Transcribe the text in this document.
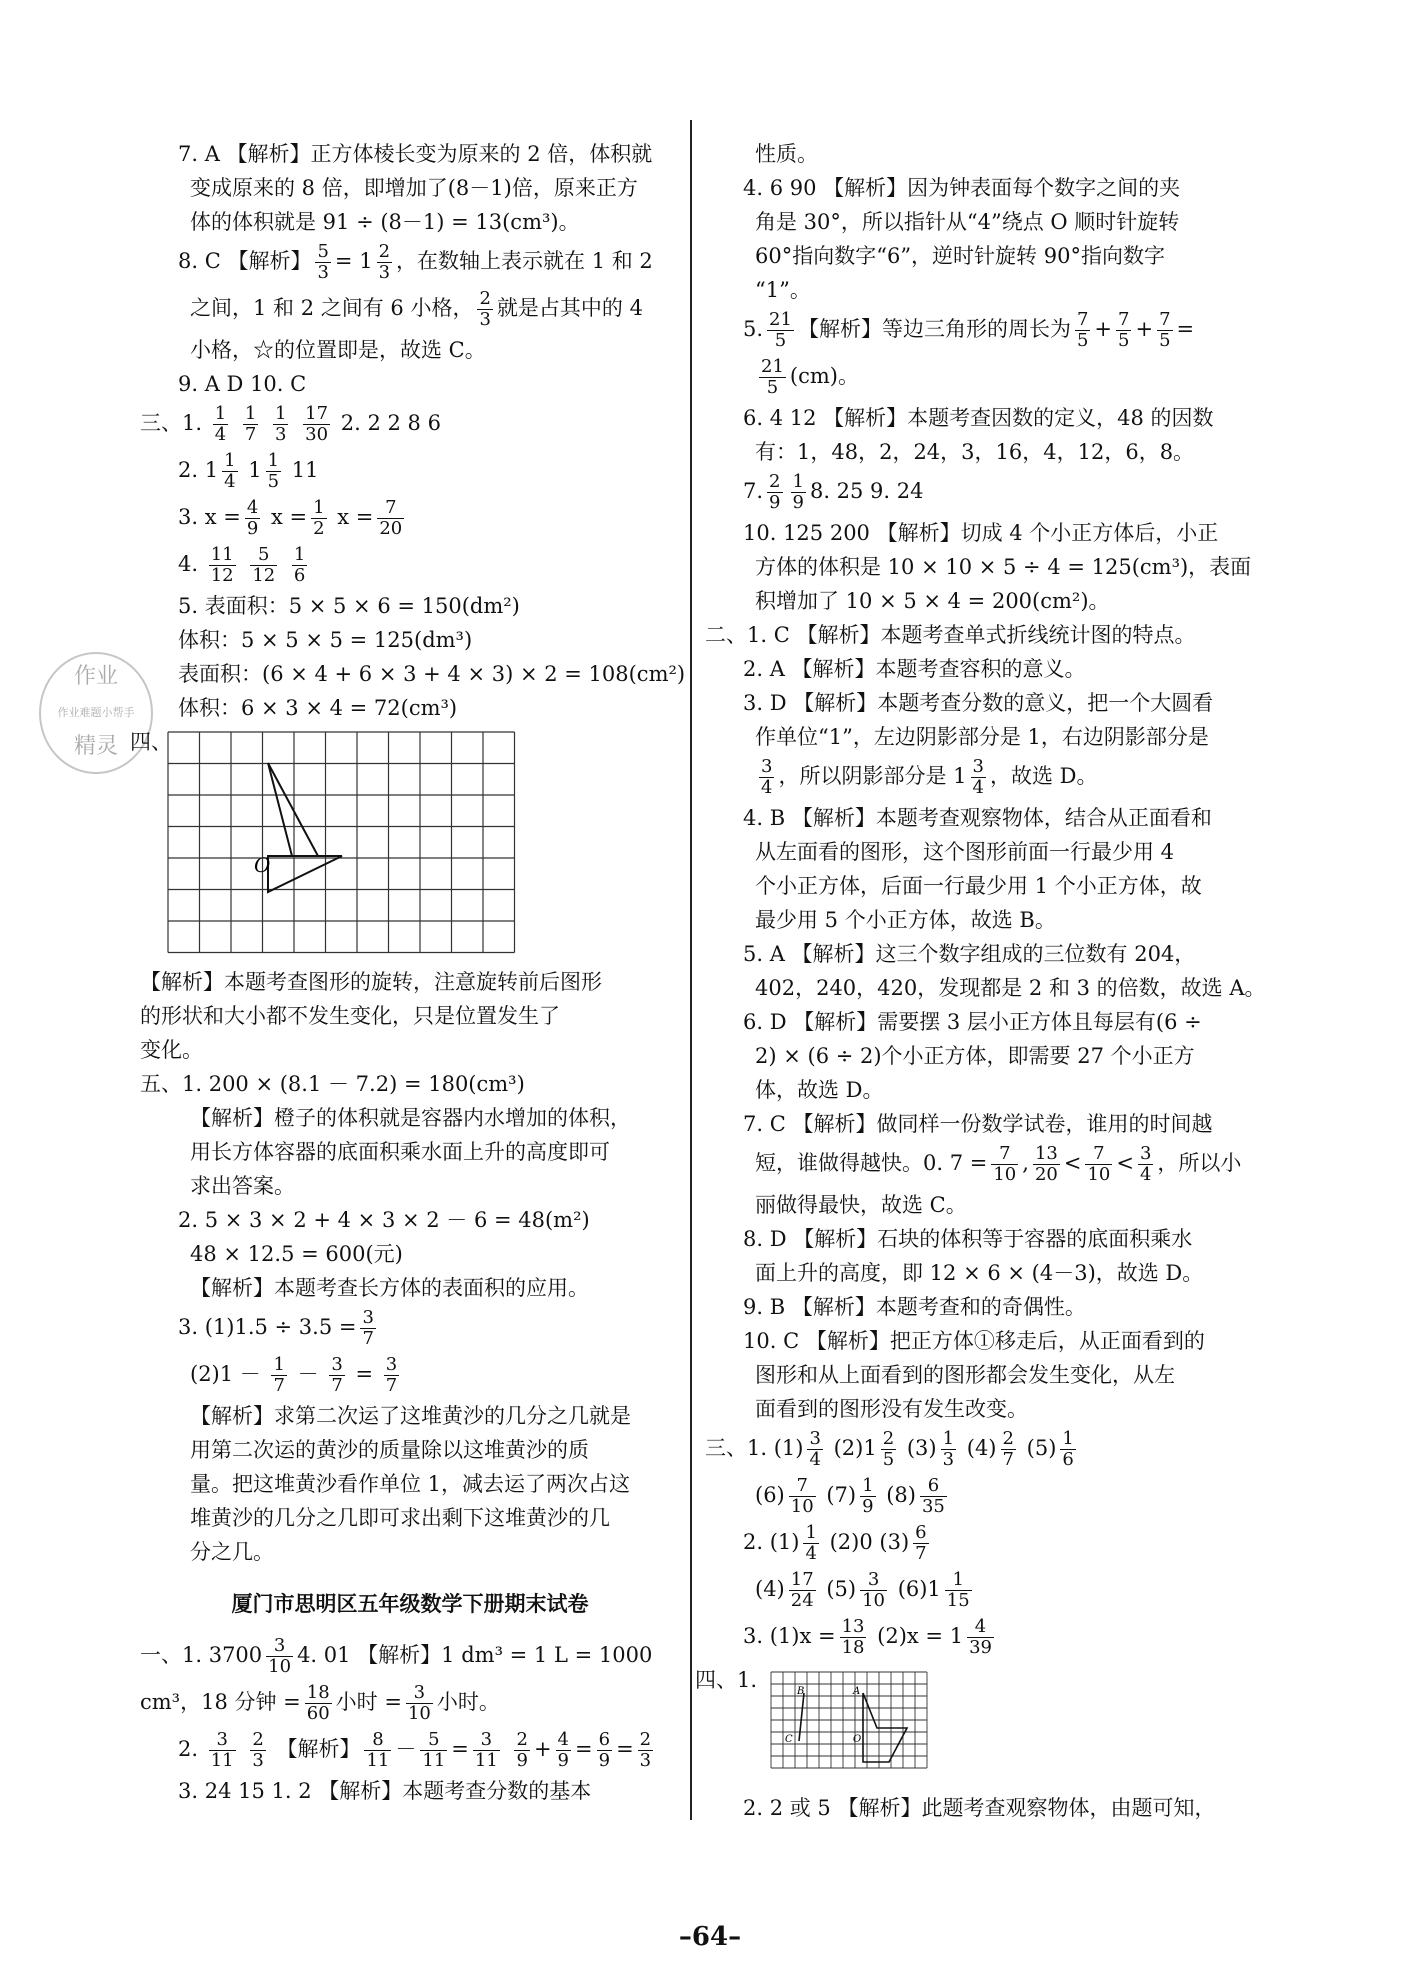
作业
作业难题小帮手
精灵
7. A 【解析】正方体棱长变为原来的 2 倍，体积就
变成原来的 8 倍，即增加了(8－1)倍，原来正方
体的体积就是 91 ÷ (8－1) = 13(cm³)。
8. C 【解析】 $\frac{5}{3} = 1 \frac{2}{3}$ ，在数轴上表示就在 1 和 2
之间，1 和 2 之间有 6 小格， $\frac{2}{3}$ 就是占其中的 4
小格，☆的位置即是，故选 C。
9. A D 10. C
三、1. $\frac{1}{4}$
$\frac{1}{7}$
$\frac{1}{3}$
$\frac{17}{30} 2$. 2 2 8 6
2. $1 \frac{1}{4} 1 \frac{1}{5} 11$
3. $x = \frac{4}{9}$ $x = \frac{1}{2}$ $x = \frac{7}{20}$
4. $\frac{11}{12}$
$\frac{5}{12}$
$\frac{1}{6}$
5. 表面积：5 × 5 × 6 = 150(dm²)
体积：5 × 5 × 5 = 125(dm³)
表面积：(6 × 4 + 6 × 3 + 4 × 3) × 2 = 108(cm²)
体积：6 × 3 × 4 = 72(cm³)
四、
O
【解析】本题考查图形的旋转，注意旋转前后图形
的形状和大小都不发生变化，只是位置发生了
变化。
五、1. 200 × (8.1 － 7.2) = 180(cm³)
【解析】橙子的体积就是容器内水增加的体积，
用长方体容器的底面积乘水面上升的高度即可
求出答案。
2. 5 × 3 × 2 + 4 × 3 × 2 － 6 = 48(m²)
48 × 12.5 = 600(元)
【解析】本题考查长方体的表面积的应用。
3. $(1)1.5 \div 3.5 = \frac{3}{7}$
$(2)1 - \frac{1}{7} - \frac{3}{7} = \frac{3}{7}$
【解析】求第二次运了这堆黄沙的几分之几就是
用第二次运的黄沙的质量除以这堆黄沙的质
量。把这堆黄沙看作单位 1，减去运了两次占这
堆黄沙的几分之几即可求出剩下这堆黄沙的几
分之几。
厦门市思明区五年级数学下册期末试卷
一、1. $3700 \frac{3}{10} 4$. 01 【解析】1 dm³ = 1 L = 1000
cm³，18 分钟 = $\frac{18}{60}$ 小时 = $\frac{3}{10}$ 小时。
2. $\frac{3}{11}$
$\frac{2}{3}$ 【解析】 $\frac{8}{11} - \frac{5}{11} = \frac{3}{11}$
$\frac{2}{9} + \frac{4}{9} = \frac{6}{9} = \frac{2}{3}$
3. 24 15 1. 2 【解析】本题考查分数的基本
性质。
4. 6 90 【解析】因为钟表面每个数字之间的夹
角是 30°，所以指针从“4”绕点 O 顺时针旋转
60°指向数字“6”，逆时针旋转 90°指向数字
“1”。
5. $\frac{21}{5}$ 【解析】等边三角形的周长为 $\frac{7}{5} + \frac{7}{5} + \frac{7}{5}$ =
$\frac{21}{5} (cm)$。
6. 4 12 【解析】本题考查因数的定义，48 的因数
有：1，48，2，24，3，16，4，12，6，8。
7. $\frac{2}{9} \frac{1}{9} 8$. 25 9. 24
10. 125 200 【解析】切成 4 个小正方体后，小正
方体的体积是 10 × 10 × 5 ÷ 4 = 125(cm³)，表面
积增加了 10 × 5 × 4 = 200(cm²)。
二、1. C 【解析】本题考查单式折线统计图的特点。
2. A 【解析】本题考查容积的意义。
3. D 【解析】本题考查分数的意义，把一个大圆看
作单位“1”，左边阴影部分是 1，右边阴影部分是
$\frac{3}{4}$ ，所以阴影部分是 $1 \frac{3}{4}$ ，故选 D。
4. B 【解析】本题考查观察物体，结合从正面看和
从左面看的图形，这个图形前面一行最少用 4
个小正方体，后面一行最少用 1 个小正方体，故
最少用 5 个小正方体，故选 B。
5. A 【解析】这三个数字组成的三位数有 204，
402，240，420，发现都是 2 和 3 的倍数，故选 A。
6. D 【解析】需要摆 3 层小正方体且每层有(6 ÷
2) × (6 ÷ 2)个小正方体，即需要 27 个小正方
体，故选 D。
7. C 【解析】做同样一份数学试卷，谁用的时间越
短，谁做得越快。0. $7 = \frac{7}{10}$ , $\frac{13}{20} < \frac{7}{10} < \frac{3}{4}$ ，所以小
丽做得最快，故选 C。
8. D 【解析】石块的体积等于容器的底面积乘水
面上升的高度，即 12 × 6 × (4－3)，故选 D。
9. B 【解析】本题考查和的奇偶性。
10. C 【解析】把正方体①移走后，从正面看到的
图形和从上面看到的图形都会发生变化，从左
面看到的图形没有发生改变。
三、1. $(1) \frac{3}{4} (2)1 \frac{2}{5} (3) \frac{1}{3} (4) \frac{2}{7} (5) \frac{1}{6}$
$(6) \frac{7}{10} (7) \frac{1}{9} (8) \frac{6}{35}$
2. $(1) \frac{1}{4} (2)0$ $(3) \frac{6}{7}$
$(4) \frac{17}{24} (5) \frac{3}{10} (6)1 \frac{1}{15}$
3. $(1)x = \frac{13}{18} (2)x = 1 \frac{4}{39}$
四、1.	B	A
C	O
2. 2 或 5 【解析】此题考查观察物体，由题可知，
–64–
